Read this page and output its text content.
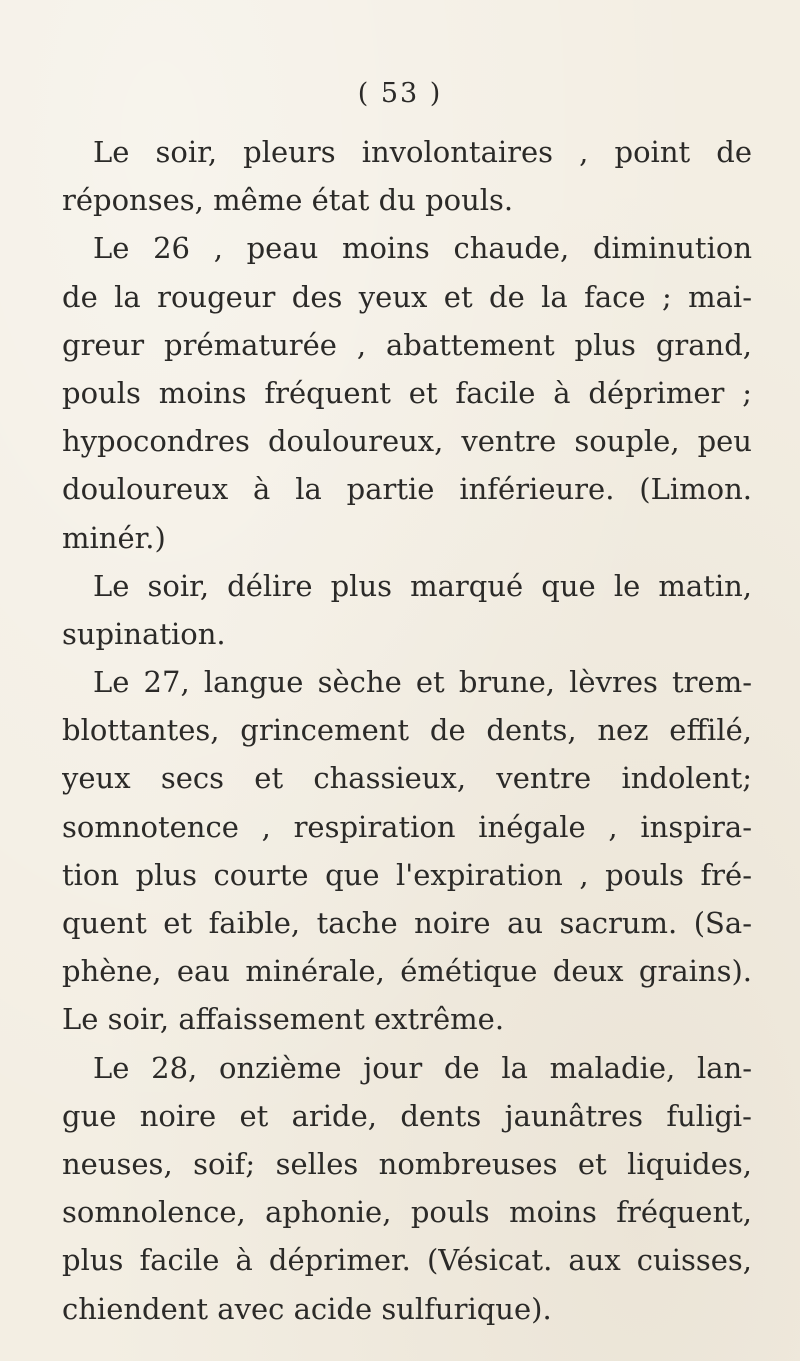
( 53 )
Le soir, pleurs involontaires , point de
réponses, même état du pouls.
Le 26 , peau moins chaude, diminution
de la rougeur des yeux et de la face ; mai-
greur prématurée , abattement plus grand,
pouls moins fréquent et facile à déprimer ;
hypocondres douloureux, ventre souple, peu
douloureux à la partie inférieure. (Limon.
minér.)
Le soir, délire plus marqué que le matin,
supination.
Le 27, langue sèche et brune, lèvres trem-
blottantes, grincement de dents, nez effilé,
yeux secs et chassieux, ventre indolent;
somnotence , respiration inégale , inspira-
tion plus courte que l'expiration , pouls fré-
quent et faible, tache noire au sacrum. (Sa-
phène, eau minérale, émétique deux grains).
Le soir, affaissement extrême.
Le 28, onzième jour de la maladie, lan-
gue noire et aride, dents jaunâtres fuligi-
neuses, soif; selles nombreuses et liquides,
somnolence, aphonie, pouls moins fréquent,
plus facile à déprimer. (Vésicat. aux cuisses,
chiendent avec acide sulfurique).
